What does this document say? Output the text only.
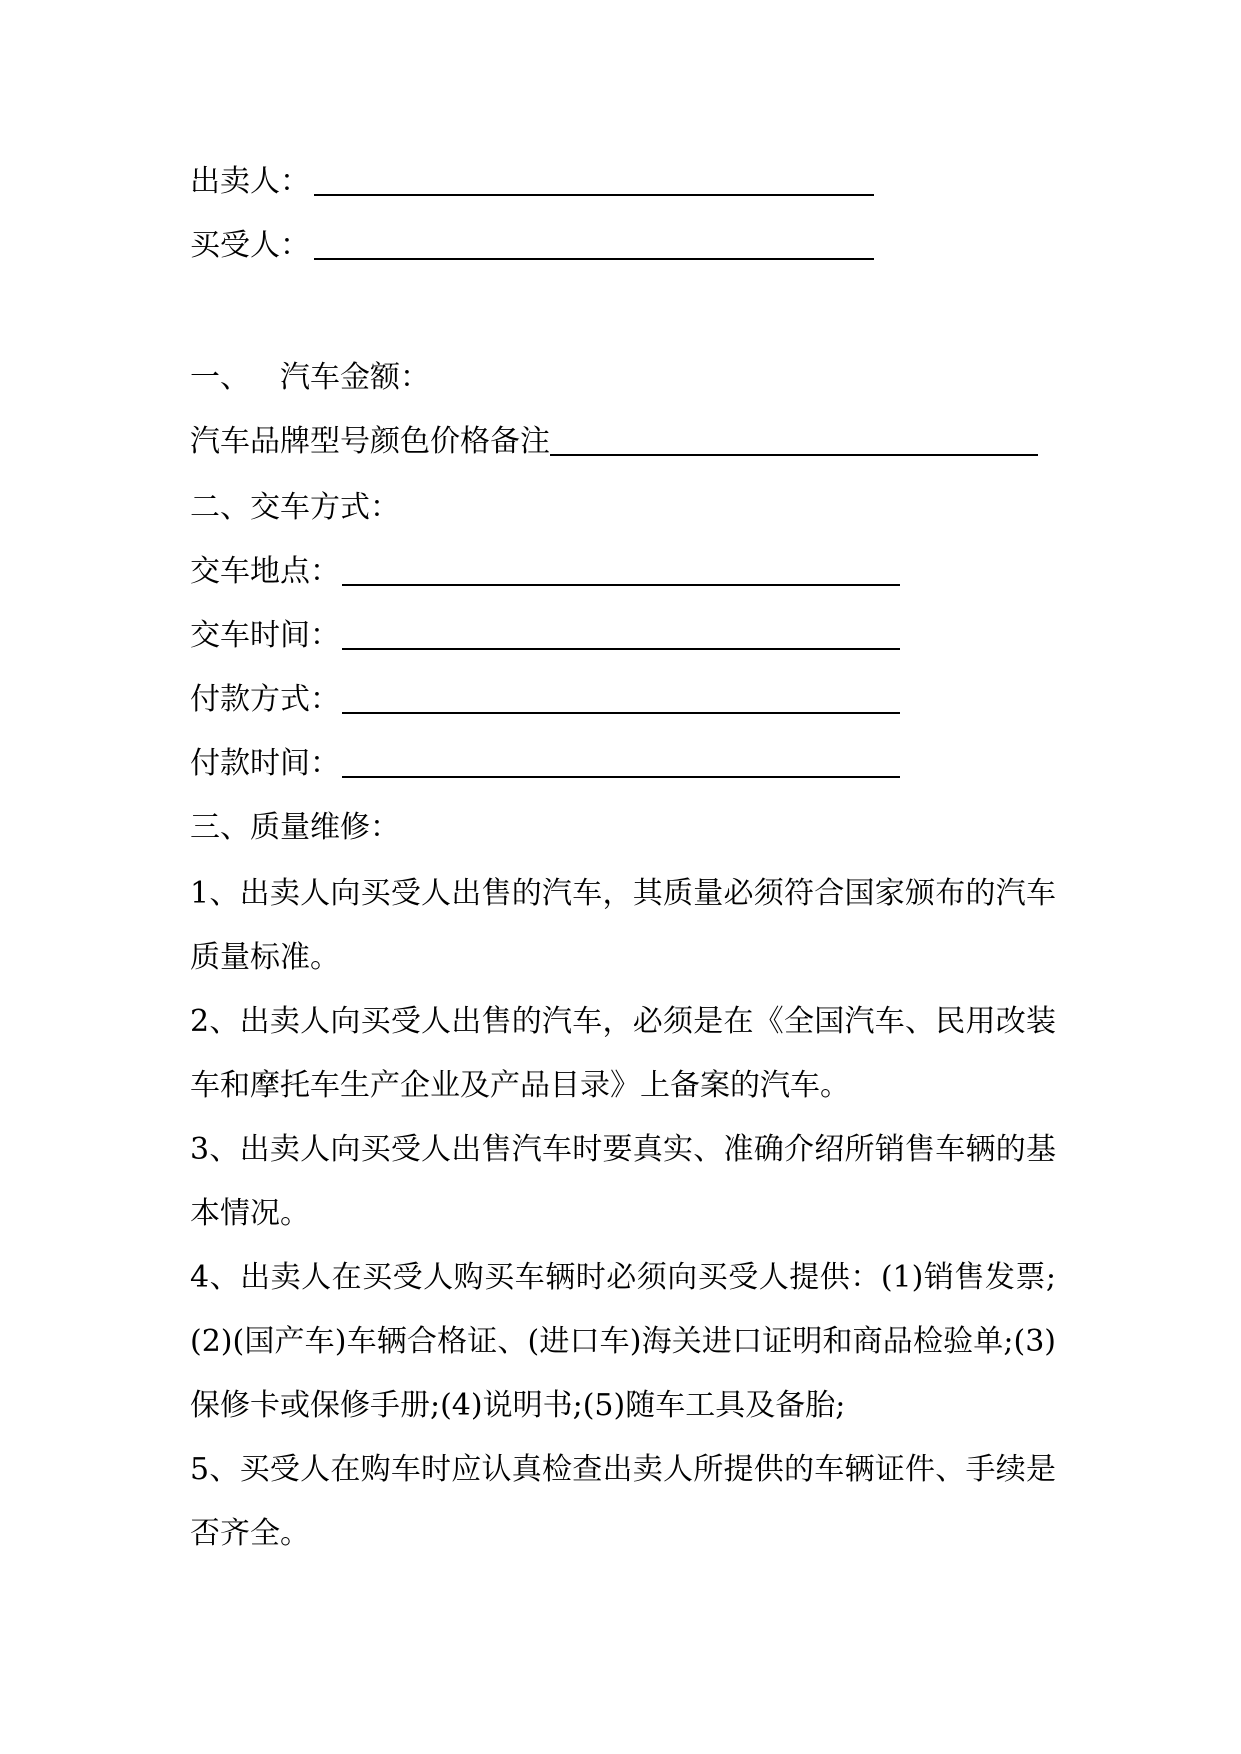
出卖人：
买受人：
一、 汽车金额：
汽车品牌型号颜色价格备注
二、交车方式：
交车地点：
交车时间：
付款方式：
付款时间：
三、质量维修：
1、出卖人向买受人出售的汽车，其质量必须符合国家颁布的汽车质量标准。
2、出卖人向买受人出售的汽车，必须是在《全国汽车、民用改装车和摩托车生产企业及产品目录》上备案的汽车。
3、出卖人向买受人出售汽车时要真实、准确介绍所销售车辆的基本情况。
4、出卖人在买受人购买车辆时必须向买受人提供：(1)销售发票;(2)(国产车)车辆合格证、(进口车)海关进口证明和商品检验单;(3)保修卡或保修手册;(4)说明书;(5)随车工具及备胎;
5、买受人在购车时应认真检查出卖人所提供的车辆证件、手续是否齐全。
